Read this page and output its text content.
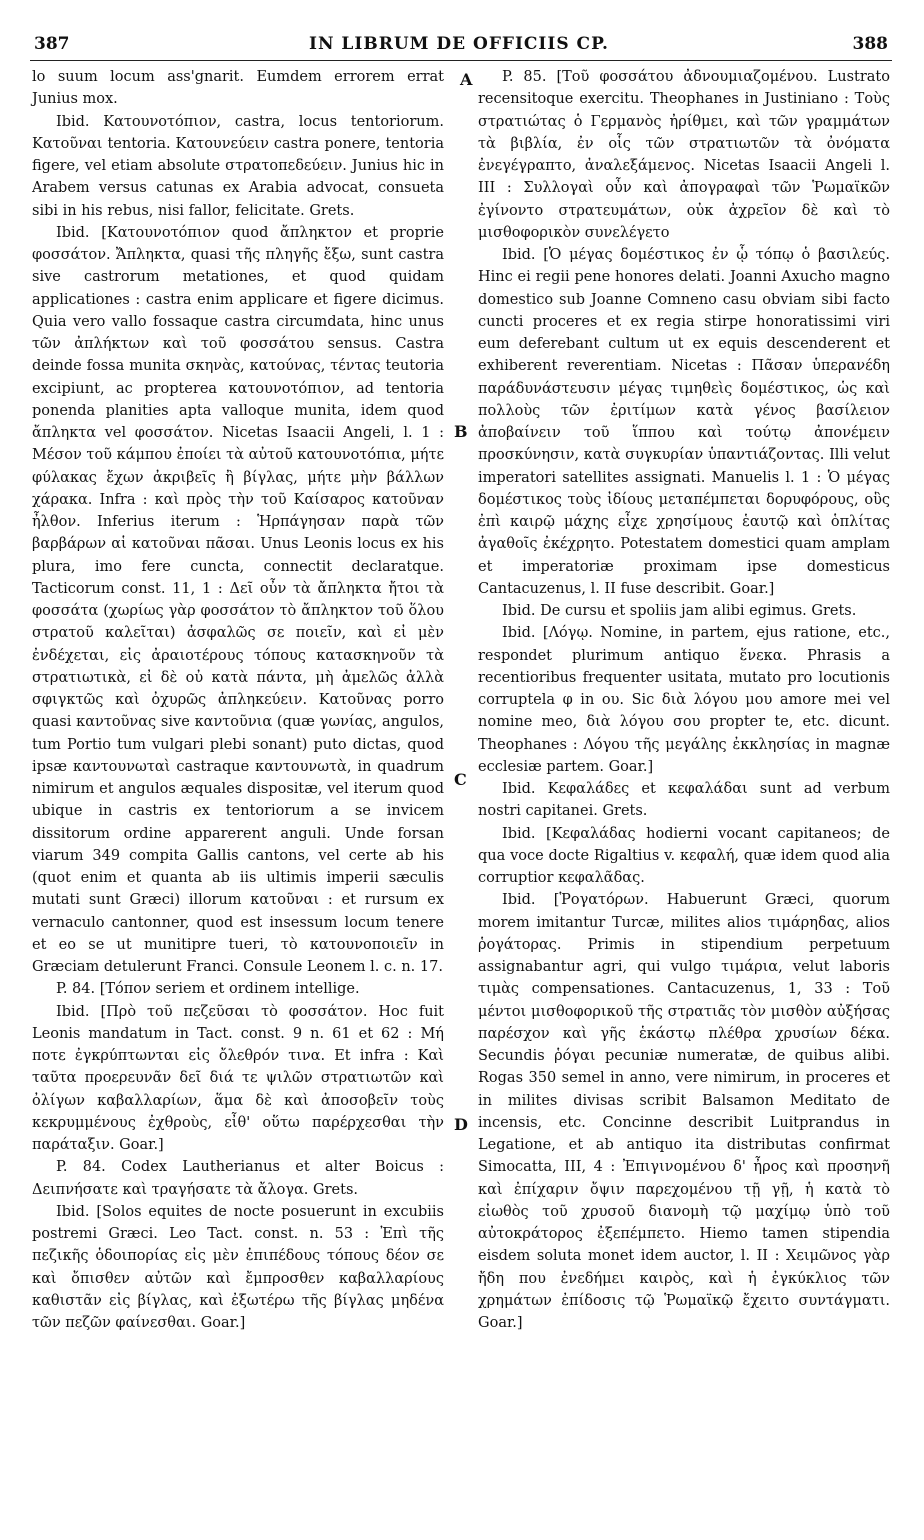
387	IN LIBRUM DE OFFICIIS CP.	388
A
B
C
D

lo suum locum ass'gnarit. Eumdem errorem errat Junius mox.

Ibid. Κατουνοτόπιον, castra, locus tentoriorum. Κατοῦναι tentoria. Κατουνεύειν castra ponere, tentoria figere, vel etiam absolute στρατοπεδεύειν. Junius hic in Arabem versus catunas ex Arabia advocat, consueta sibi in his rebus, nisi fallor, felicitate. Grets.

Ibid. [Κατουνοτόπιον quod ἄπληκτον et proprie φοσσάτον. Ἄπληκτα, quasi τῆς πληγῆς ἔξω, sunt castra sive castrorum metationes, et quod quidam applicationes : castra enim applicare et figere dicimus. Quia vero vallo fossaque castra circumdata, hinc unus τῶν ἀπλήκτων καὶ τοῦ φοσσάτου sensus. Castra deinde fossa munita σκηνὰς, κατούνας, τέντας teutoria excipiunt, ac propterea κατουνοτόπιον, ad tentoria ponenda planities apta valloque munita, idem quod ἄπληκτα vel φοσσάτον. Nicetas Isaacii Angeli, l. 1 : Μέσον τοῦ κάμπου ἐποίει τὰ αὐτοῦ κατουνοτόπια, μήτε φύλακας ἔχων ἀκριβεῖς ἢ βίγλας, μήτε μὴν βάλλων χάρακα. Infra : καὶ πρὸς τὴν τοῦ Καίσαρος κατοῦναν ἦλθον. Inferius iterum : Ἡρπάγησαν παρὰ τῶν βαρβάρων αἱ κατοῦναι πᾶσαι. Unus Leonis locus ex his plura, imo fere cuncta, connectit declaratque. Tacticorum const. 11, 1 : Δεῖ οὖν τὰ ἄπληκτα ἤτοι τὰ φοσσάτα (χωρίως γὰρ φοσσάτον τὸ ἄπληκτον τοῦ ὅλου στρατοῦ καλεῖται) ἀσφαλῶς σε ποιεῖν, καὶ εἰ μὲν ἐνδέχεται, εἰς ἀραιοτέρους τόπους κατασκηνοῦν τὰ στρατιωτικὰ, εἰ δὲ οὐ κατὰ πάντα, μὴ ἀμελῶς ἀλλὰ σφιγκτῶς καὶ ὀχυρῶς ἀπληκεύειν. Κατοῦνας porro quasi καντοῦνας sive καντοῦνια (quæ γωνίας, angulos, tum Portio tum vulgari plebi sonant) puto dictas, quod ipsæ καντουνωταὶ castraque καντουνωτὰ, in quadrum nimirum et angulos æquales dispositæ, vel iterum quod ubique in castris ex tentoriorum a se invicem dissitorum ordine apparerent anguli. Unde forsan viarum 349 compita Gallis cantons, vel certe ab his (quot enim et quanta ab iis ultimis imperii sæculis mutati sunt Græci) illorum κατοῦναι : et rursum ex vernaculo cantonner, quod est insessum locum tenere et eo se ut munitipre tueri, τὸ κατουνοποιεῖν in Græciam detulerunt Franci. Consule Leonem l. c. n. 17.

P. 84. [Τόπον seriem et ordinem intellige.

Ibid. [Πρὸ τοῦ πεζεῦσαι τὸ φοσσάτον. Hoc fuit Leonis mandatum in Tact. const. 9 n. 61 et 62 : Μή ποτε ἐγκρύπτωνται εἰς ὄλεθρόν τινα. Et infra : Καὶ ταῦτα προερευνᾶν δεῖ διά τε ψιλῶν στρατιωτῶν καὶ ὀλίγων καβαλλαρίων, ἅμα δὲ καὶ ἀποσοβεῖν τοὺς κεκρυμμένους ἐχθροὺς, εἶθ' οὕτω παρέρχεσθαι τὴν παράταξιν. Goar.]

P. 84. Codex Lautherianus et alter Boicus : Δειπνήσατε καὶ τραγήσατε τὰ ἄλογα. Grets.

Ibid. [Solos equites de nocte posuerunt in excubiis postremi Græci. Leo Tact. const. n. 53 : Ἐπὶ τῆς πεζικῆς ὁδοιπορίας εἰς μὲν ἐπιπέδους τόπους δέον σε καὶ ὄπισθεν αὐτῶν καὶ ἔμπροσθεν καβαλλαρίους καθιστᾶν εἰς βίγλας, καὶ ἐξωτέρω τῆς βίγλας μηδένα τῶν πεζῶν φαίνεσθαι. Goar.]

P. 85. [Τοῦ φοσσάτου ἀδνουμιαζομένου. Lustrato recensitoque exercitu. Theophanes in Justiniano : Τοὺς στρατιώτας ὁ Γερμανὸς ἠρίθμει, καὶ τῶν γραμμάτων τὰ βιβλία, ἐν οἷς τῶν στρατιωτῶν τὰ ὀνόματα ἐνεγέγραπτο, ἀναλεξάμενος. Nicetas Isaacii Angeli l. III : Συλλογαὶ οὖν καὶ ἀπογραφαὶ τῶν Ῥωμαϊκῶν ἐγίνοντο στρατευμάτων, οὐκ ἀχρεῖον δὲ καὶ τὸ μισθοφορικὸν συνελέγετο

Ibid. [Ὁ μέγας δομέστικος ἐν ᾧ τόπῳ ὁ βασιλεύς. Hinc ei regii pene honores delati. Joanni Axucho magno domestico sub Joanne Comneno casu obviam sibi facto cuncti proceres et ex regia stirpe honoratissimi viri eum deferebant cultum ut ex equis descenderent et exhiberent reverentiam. Nicetas : Πᾶσαν ὑπερανέδη παράδυνάστευσιν μέγας τιμηθεὶς δομέστικος, ὡς καὶ πολλοὺς τῶν ἐριτίμων κατὰ γένος βασίλειον ἀποβαίνειν τοῦ ἵππου καὶ τούτῳ ἀπονέμειν προσκύνησιν, κατὰ συγκυρίαν ὑπαντιάζοντας. Illi velut imperatori satellites assignati. Manuelis l. 1 : Ὁ μέγας δομέστικος τοὺς ἰδίους μεταπέμπεται δορυφόρους, οὓς ἐπὶ καιρῷ μάχης εἶχε χρησίμους ἑαυτῷ καὶ ὁπλίτας ἀγαθοῖς ἐκέχρητο. Potestatem domestici quam amplam et imperatoriæ proximam ipse domesticus Cantacuzenus, l. II fuse describit. Goar.]

Ibid. De cursu et spoliis jam alibi egimus. Grets.

Ibid. [Λόγῳ. Nomine, in partem, ejus ratione, etc., respondet plurimum antiquo ἕνεκα. Phrasis a recentioribus frequenter usitata, mutato pro locutionis corruptela φ in ου. Sic διὰ λόγου μου amore mei vel nomine meo, διὰ λόγου σου propter te, etc. dicunt. Theophanes : Λόγου τῆς μεγάλης ἐκκλησίας in magnæ ecclesiæ partem. Goar.]

Ibid. Κεφαλάδες et κεφαλάδαι sunt ad verbum nostri capitanei. Grets.

Ibid. [Κεφαλάδας hodierni vocant capitaneos; de qua voce docte Rigaltius v. κεφαλή, quæ idem quod alia corruptior κεφαλᾶδας.

Ibid. [Ῥογατόρων. Habuerunt Græci, quorum morem imitantur Turcæ, milites alios τιμάρηδας, alios ῥογάτορας. Primis in stipendium perpetuum assignabantur agri, qui vulgo τιμάρια, velut laboris τιμὰς compensationes. Cantacuzenus, 1, 33 : Τοῦ μέντοι μισθοφορικοῦ τῆς στρατιᾶς τὸν μισθὸν αὐξήσας παρέσχον καὶ γῆς ἑκάστῳ πλέθρα χρυσίων δέκα. Secundis ῥόγαι pecuniæ numeratæ, de quibus alibi. Rogas 350 semel in anno, vere nimirum, in proceres et in milites divisas scribit Balsamon Meditato de incensis, etc. Concinne describit Luitprandus in Legatione, et ab antiquo ita distributas confirmat Simocatta, III, 4 : Ἐπιγινομένου δ' ἦρος καὶ προσηνῆ καὶ ἐπίχαριν ὄψιν παρεχομένου τῇ γῇ, ἡ κατὰ τὸ εἰωθὸς τοῦ χρυσοῦ διανομὴ τῷ μαχίμῳ ὑπὸ τοῦ αὐτοκράτορος ἐξεπέμπετο. Hiemo tamen stipendia eisdem soluta monet idem auctor, l. II : Χειμῶνος γὰρ ἤδη που ἐνεδήμει καιρὸς, καὶ ἡ ἐγκύκλιος τῶν χρημάτων ἐπίδοσις τῷ Ῥωμαϊκῷ ἔχειτο συντάγματι. Goar.]
